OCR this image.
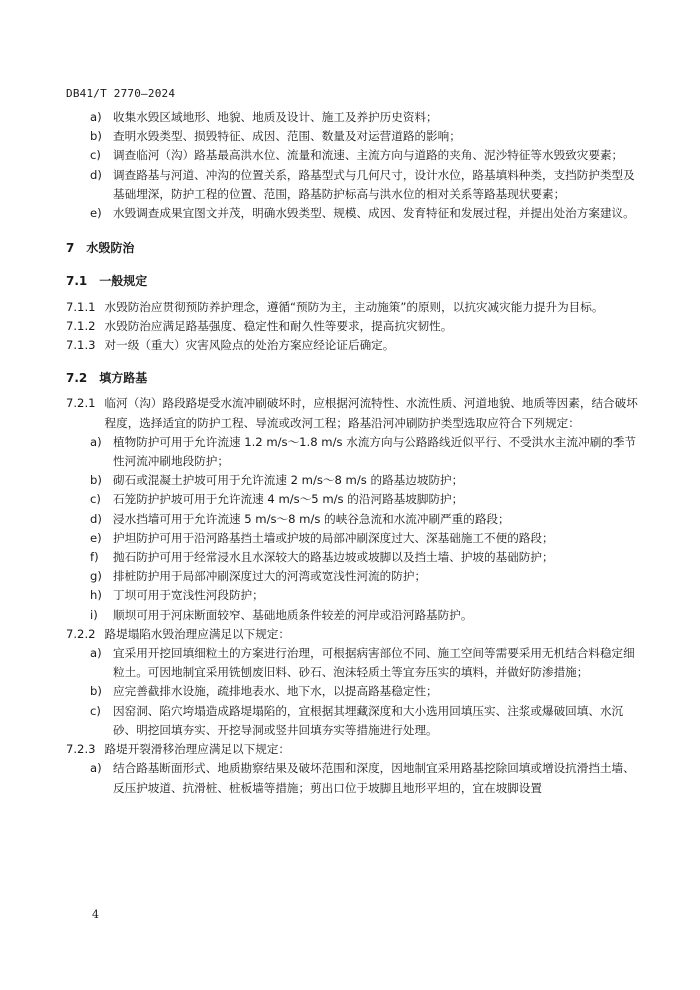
DB41/T 2770—2024
a) 收集水毁区域地形、地貌、地质及设计、施工及养护历史资料；
b) 查明水毁类型、损毁特征、成因、范围、数量及对运营道路的影响；
c)	调查临河（沟）路基最高洪水位、流量和流速、主流方向与道路的夹角、泥沙特征等水毁致灾要素；
d) 调查路基与河道、冲沟的位置关系，路基型式与几何尺寸，设计水位，路基填料种类，支挡防护类型及基础埋深，防护工程的位置、范围，路基防护标高与洪水位的相对关系等路基现状要素；
e) 水毁调查成果宜图文并茂，明确水毁类型、规模、成因、发育特征和发展过程，并提出处治方案建议。
7　水毁防治
7.1　一般规定
7.1.1 水毁防治应贯彻预防养护理念，遵循“预防为主，主动施策”的原则，以抗灾减灾能力提升为目标。
7.1.2 水毁防治应满足路基强度、稳定性和耐久性等要求，提高抗灾韧性。
7.1.3 对一级（重大）灾害风险点的处治方案应经论证后确定。
7.2　填方路基
7.2.1 临河（沟）路段路堤受水流冲刷破坏时，应根据河流特性、水流性质、河道地貌、地质等因素，结合破坏程度，选择适宜的防护工程、导流或改河工程；路基沿河冲刷防护类型选取应符合下列规定：
a) 植物防护可用于允许流速 1.2 m/s～1.8 m/s 水流方向与公路路线近似平行、不受洪水主流冲刷的季节性河流冲刷地段防护；
b) 砌石或混凝土护坡可用于允许流速 2 m/s～8 m/s 的路基边坡防护；
c)	石笼防护护坡可用于允许流速 4 m/s～5 m/s 的沿河路基坡脚防护；
d) 浸水挡墙可用于允许流速 5 m/s～8 m/s 的峡谷急流和水流冲刷严重的路段；
e) 护坦防护可用于沿河路基挡土墙或护坡的局部冲刷深度过大、深基础施工不便的路段；
f)	抛石防护可用于经常浸水且水深较大的路基边坡或坡脚以及挡土墙、护坡的基础防护；
g) 排桩防护用于局部冲刷深度过大的河湾或宽浅性河流的防护；
h) 丁坝可用于宽浅性河段防护；
i)	顺坝可用于河床断面较窄、基础地质条件较差的河岸或沿河路基防护。
7.2.2 路堤塌陷水毁治理应满足以下规定：
a) 宜采用开挖回填细粒土的方案进行治理，可根据病害部位不同、施工空间等需要采用无机结合料稳定细粒土。可因地制宜采用铣刨废旧料、砂石、泡沫轻质土等宜夯压实的填料，并做好防渗措施；
b) 应完善截排水设施，疏排地表水、地下水，以提高路基稳定性；
c)	因窑洞、陷穴垮塌造成路堤塌陷的，宜根据其埋藏深度和大小选用回填压实、注浆或爆破回填、水沉砂、明挖回填夯实、开挖导洞或竖井回填夯实等措施进行处理。
7.2.3 路堤开裂滑移治理应满足以下规定：
a) 结合路基断面形式、地质勘察结果及破坏范围和深度，因地制宜采用路基挖除回填或增设抗滑挡土墙、反压护坡道、抗滑桩、桩板墙等措施；剪出口位于坡脚且地形平坦的，宜在坡脚设置
4
